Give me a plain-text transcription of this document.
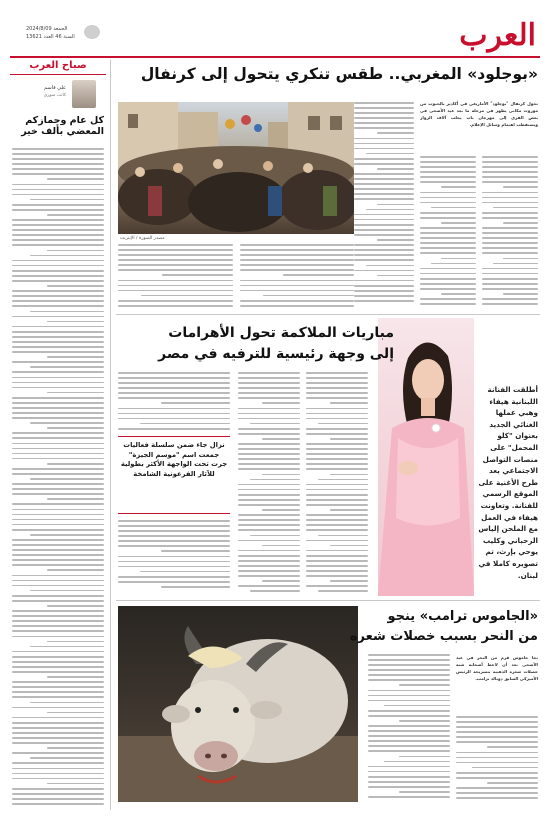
العرب
الجمعة 2024/8/09
السنة 46 العدد 13621
صباح العرب
علي قاسم
كاتب سوري
كل عام وجمازكم المعضي بألف خير
«بوجلود» المغربي.. طقس تنكري يتحول إلى كرنفال
تحول كرنفال "بوجلود" الأمازيغي في أكادير بالجنوب من موروث مكاني يظهر في مرحلة ما بعد عيد الأضحى في بعض القرى إلى مهرجان بات يجلب آلاف الزوار ويستقطب اهتمام وسائل الإعلام.
مصدر الصورة / الإنترنت
أطلقت الفنانة اللبنانية هيفاء وهبي عملها الغنائي الجديد بعنوان "كلو المحمل" على منصات التواصل الاجتماعي بعد طرح الأغنية على الموقع الرسمي للفنانة. وتعاونت هيفاء في العمل مع الملحن إلياس الرحباني وكليب يوحي بإرث، تم تصويره كاملا في لبنان.
مباريات الملاكمة تحول الأهرامات
إلى وجهة رئيسية للترفيه في مصر
نزال جاء ضمن سلسلة فعاليات جمعت اسم "موسم الجيزة" جرت تحت الواجهة الأكثر بطولية للآثار الفرعونية الشامخة
«الجاموس ترامب» ينجو
من النحر بسبب خصلات شعره
نجا جاموس قزم من النحر في عيد الأضحى بعد أن لاحظ أصحابه شبه خصلات شعره الذهبية بتسريحة الرئيس الأميركي السابق دونالد ترامب.
